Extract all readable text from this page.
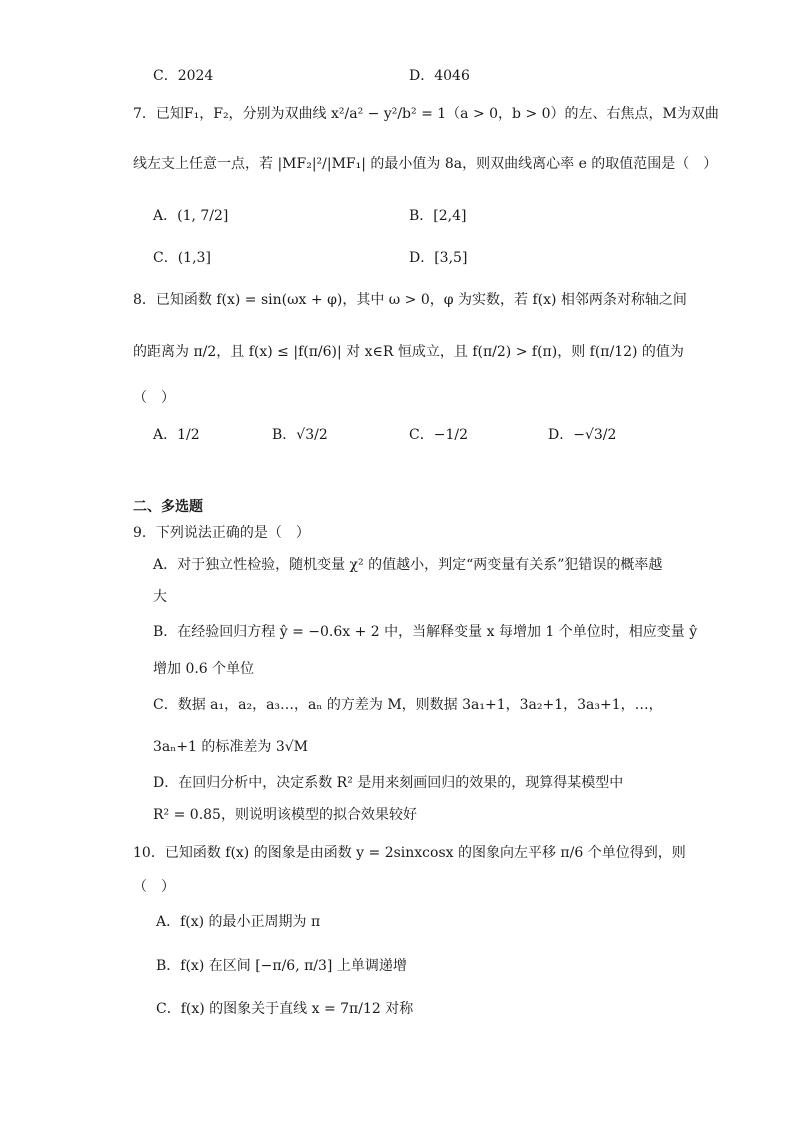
C．2024	D．4046
7．已知F₁，F₂，分别为双曲线 x²/a² − y²/b² = 1（a > 0，b > 0）的左、右焦点，M为双曲
线左支上任意一点，若 |MF₂|²/|MF₁| 的最小值为 8a，则双曲线离心率 e 的取值范围是（　）
A．(1, 7/2]	B．[2,4]
C．(1,3]	D．[3,5]
8．已知函数 f(x) = sin(ωx + φ)，其中 ω > 0，φ 为实数，若 f(x) 相邻两条对称轴之间
的距离为 π/2，且 f(x) ≤ |f(π/6)| 对 x∈R 恒成立，且 f(π/2) > f(π)，则 f(π/12) 的值为
（　）
A．1/2	B．√3/2	C．−1/2	D．−√3/2
二、多选题
9．下列说法正确的是（　）
A．对于独立性检验，随机变量 χ² 的值越小，判定“两变量有关系”犯错误的概率越
大
B．在经验回归方程 ŷ = −0.6x + 2 中，当解释变量 x 每增加 1 个单位时，相应变量 ŷ
增加 0.6 个单位
C．数据 a₁，a₂，a₃…，aₙ 的方差为 M，则数据 3a₁+1，3a₂+1，3a₃+1，…，
3aₙ+1 的标准差为 3√M
D．在回归分析中，决定系数 R² 是用来刻画回归的效果的，现算得某模型中
R² = 0.85，则说明该模型的拟合效果较好
10．已知函数 f(x) 的图象是由函数 y = 2sinxcosx 的图象向左平移 π/6 个单位得到，则
（　）
A．f(x) 的最小正周期为 π
B．f(x) 在区间 [−π/6, π/3] 上单调递增
C．f(x) 的图象关于直线 x = 7π/12 对称
